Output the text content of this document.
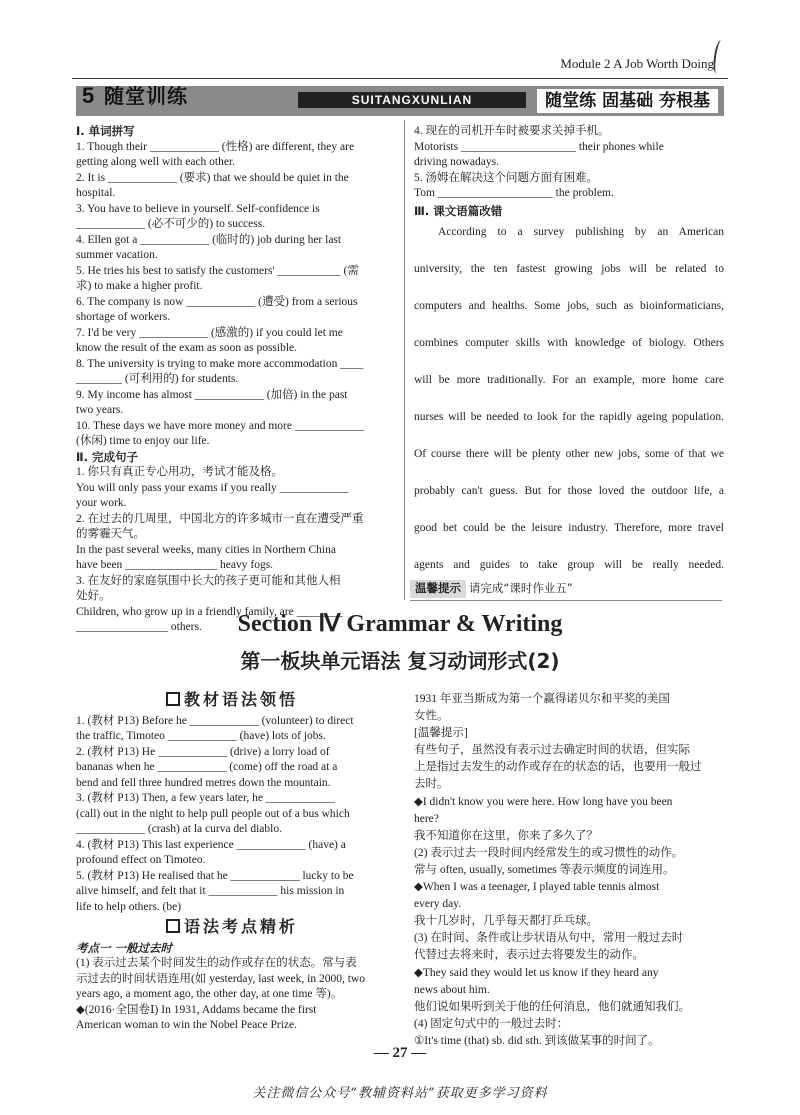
Module 2 A Job Worth Doing
5 随堂训练	SUITANGXUNLIAN	随堂练 固基础 夯根基
Ⅰ. 单词拼写
1. Though their ____________ (性格) are different, they are
getting along well with each other.
2. It is ____________ (要求) that we should be quiet in the
hospital.
3. You have to believe in yourself. Self-confidence is
____________ (必不可少的) to success.
4. Ellen got a ____________ (临时的) job during her last
summer vacation.
5. He tries his best to satisfy the customers' ___________ (需
求) to make a higher profit.
6. The company is now ____________ (遭受) from a serious
shortage of workers.
7. I'd be very ____________ (感激的) if you could let me
know the result of the exam as soon as possible.
8. The university is trying to make more accommodation ____
________ (可利用的) for students.
9. My income has almost ____________ (加倍) in the past
two years.
10. These days we have more money and more ____________
(休闲) time to enjoy our life.
Ⅱ. 完成句子
1. 你只有真正专心用功，考试才能及格。
You will only pass your exams if you really ____________
your work.
2. 在过去的几周里，中国北方的许多城市一直在遭受严重
的雾霾天气。
In the past several weeks, many cities in Northern China
have been ________________ heavy fogs.
3. 在友好的家庭氛围中长大的孩子更可能和其他人相
处好。
Children, who grow up in a friendly family, are ________
________________ others.
4. 现在的司机开车时被要求关掉手机。
Motorists ____________________ their phones while
driving nowadays.
5. 汤姆在解决这个问题方面有困难。
Tom ____________________ the problem.
Ⅲ. 课文语篇改错

According to a survey publishing by an American

university, the ten fastest growing jobs will be related to

computers and healths. Some jobs, such as bioinformaticians,

combines computer skills with knowledge of biology. Others

will be more traditionally. For an example, more home care

nurses will be needed to look for the rapidly ageing population.

Of course there will be plenty other new jobs, some of that we

probably can't guess. But for those loved the outdoor life, a

good bet could be the leisure industry. Therefore, more travel

agents and guides to take group will be really needed.

温馨提示 请完成“课时作业五”
Section Ⅳ Grammar & Writing
第一板块单元语法 复习动词形式(2)
教材语法领悟
1. (教材 P13) Before he ____________ (volunteer) to direct
the traffic, Timoteo ____________ (have) lots of jobs.
2. (教材 P13) He ____________ (drive) a lorry load of
bananas when he ____________ (come) off the road at a
bend and fell three hundred metres down the mountain.
3. (教材 P13) Then, a few years later, he ____________
(call) out in the night to help pull people out of a bus which
____________ (crash) at la curva del diablo.
4. (教材 P13) This last experience ____________ (have) a
profound effect on Timoteo.
5. (教材 P13) He realised that he ____________ lucky to be
alive himself, and felt that it ____________ his mission in
life to help others. (be)
语法考点精析
考点一 一般过去时
(1) 表示过去某个时间发生的动作或存在的状态。常与表
示过去的时间状语连用(如 yesterday, last week, in 2000, two
years ago, a moment ago, the other day, at one time 等)。
◆(2016·全国卷Ⅰ) In 1931, Addams became the first
American woman to win the Nobel Peace Prize.
1931 年亚当斯成为第一个赢得诺贝尔和平奖的美国
女性。
[温馨提示]
有些句子，虽然没有表示过去确定时间的状语，但实际
上是指过去发生的动作或存在的状态的话，也要用一般过
去时。
◆I didn't know you were here. How long have you been
here?
我不知道你在这里，你来了多久了？
(2) 表示过去一段时间内经常发生的或习惯性的动作。
常与 often, usually, sometimes 等表示频度的词连用。
◆When I was a teenager, I played table tennis almost
every day.
我十几岁时，几乎每天都打乒乓球。
(3) 在时间、条件或让步状语从句中，常用一般过去时
代替过去将来时，表示过去将要发生的动作。
◆They said they would let us know if they heard any
news about him.
他们说如果听到关于他的任何消息，他们就通知我们。
(4) 固定句式中的一般过去时：
①It's time (that) sb. did sth. 到该做某事的时间了。
— 27 —
关注微信公众号“教辅资料站”获取更多学习资料
